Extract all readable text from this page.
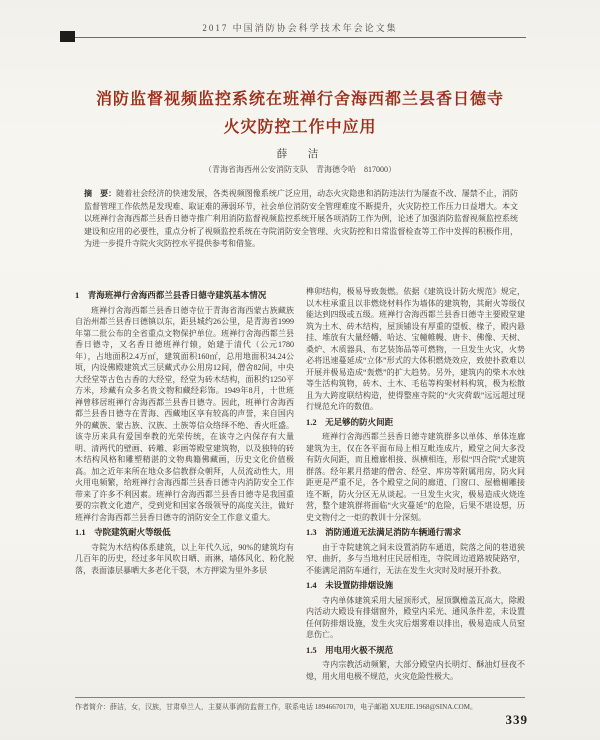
2017 中国消防协会科学技术年会论文集
消防监督视频监控系统在班禅行舍海西都兰县香日德寺
火灾防控工作中应用
薛　洁
（青海省海西州公安消防支队　青海德令哈　817000）
摘　要：随着社会经济的快速发展，各类视频图像系统广泛应用，动态火灾隐患和消防违法行为屡查不改、屡禁不止，消防监督管理工作依然是发现难、取证难的薄弱环节，社会单位消防安全管理难度不断提升，火灾防控工作压力日益增大。本文以班禅行舍海西都兰县香日德寺推广利用消防监督视频监控系统开展各项消防工作为例，论述了加强消防监督视频监控系统建设和应用的必要性，重点分析了视频监控系统在寺院消防安全管理、火灾防控和日常监督检查等工作中发挥的积极作用，为进一步提升寺院火灾防控水平提供参考和借鉴。
1　青海班禅行舍海西都兰县香日德寺建筑基本情况

班禅行舍海西都兰县香日德寺位于青海省海西蒙古族藏族自治州都兰县香日德镇以东，距县城约26公里，是青海省1999年第二批公布的全省重点文物保护单位。班禅行舍海西都兰县香日德寺，又名香日德班禅行辕，始建于清代（公元1780年），占地面积2.4万㎡，建筑面积160㎡，总用地面积34.24公顷，内设佛殿建筑式三层藏式办公用房12间，僧舍82间，中央大经堂等古色古香的大经堂，经堂为砖木结构，面积约1250平方米，珍藏有众多名贵文物和藏经彩饰。1949年8月，十世班禅曾移居班禅行舍海西都兰县香日德寺。因此，班禅行舍海西都兰县香日德寺在青海、西藏地区享有较高的声誉，来自国内外的藏族、蒙古族、汉族、土族等信众络绎不绝、香火旺盛。该寺历来具有爱国奉教的光荣传统，在该寺之内保存有大量明、清两代的壁画、砖雕、彩画等殿堂建筑物，以及独特的砖木结构风格和雕塑精湛的文物典籍佛藏画，历史文化价值极高。加之近年来所在地众多信教群众朝拜，人员流动性大，用火用电频繁，给班禅行舍海西都兰县香日德寺内消防安全工作带来了许多不利因素。班禅行舍海西都兰县香日德寺是我国重要的宗教文化遗产，受到党和国家各级领导的高度关注，做好班禅行舍海西都兰县香日德寺的消防安全工作意义重大。

1.1　寺院建筑耐火等级低

寺院为木结构体系建筑，以上年代久远，90%的建筑均有几百年的历史，经过多年风吹日晒、雨淋，墙体风化、粉化脱落，表面漆层暴晒大多老化干裂，木方押梁为里外多层

榫卯结构，极易导致轰燃。依据《建筑设计防火规范》规定，以木柱承重且以非燃烧材料作为墙体的建筑物，其耐火等级仅能达到四级或五级。班禅行舍海西都兰县香日德寺主要殿堂建筑为土木、砖木结构，屋顶铺设有厚重的望板、椽子，殿内悬挂、堆放有大量经幡、哈达、宝幢帷幔、唐卡、佛像、天树、桑炉、木质器具、布艺装饰品等可燃物，一旦发生火灾，火势必将迅速蔓延成“立体”形式的大体积燃烧效应，致使扑救难以开展并极易造成“轰燃”的扩大趋势。另外，建筑内的柴木水烛等生活构筑物，砖木、土木、毛毡等构架材料构筑，极为松散且为大跨度联结构造，使得整座寺院的“火灾荷载”远远超过现行规范允许的数值。

1.2　无足够的防火间距

班禅行舍海西都兰县香日德寺建筑群多以单体、单体连廊建筑为主，仅在各平面布局上相互毗连成片，殿堂之间大多没有防火间距，而且檐廊相接、纵横相连，形似“四合院”式建筑群落。经年累月搭建的僧舍、经堂、库房等附属用房，防火间距更是严重不足，各个殿堂之间的廊道、门窗口、屋檐楣雕接连不断，防火分区无从谈起。一旦发生火灾，极易造成火烧连营，整个建筑群将面临“火灾蔓延”的危险，后果不堪设想，历史文物付之一炬的教训十分深刻。

1.3　消防通道无法满足消防车辆通行需求

由于寺院建筑之间未设置消防车通道，院落之间的巷道狭窄、曲折，多与当地村庄民居相连，寺院周边道路坡陡路窄，不能满足消防车通行，无法在发生火灾时及时展开扑救。

1.4　未设置防排烟设施

寺内单体建筑采用大屋顶形式，屋顶飘檐盖瓦高大，除殿内活动大殿设有排烟窗外，殿堂内采光、通风条件差，未设置任何防排烟设施，发生火灾后烟雾难以排出，极易造成人员窒息伤亡。

1.5　用电用火极不规范

寺内宗教活动频繁，大部分殿堂内长明灯、酥油灯昼夜不熄，用火用电极不规范，火灾危险性极大。

作者简介：薛洁，女，汉族，甘肃皋兰人，主要从事消防监督工作，联系电话 18946670170，电子邮箱 XUEJIE.1968@SINA.COM。
339
